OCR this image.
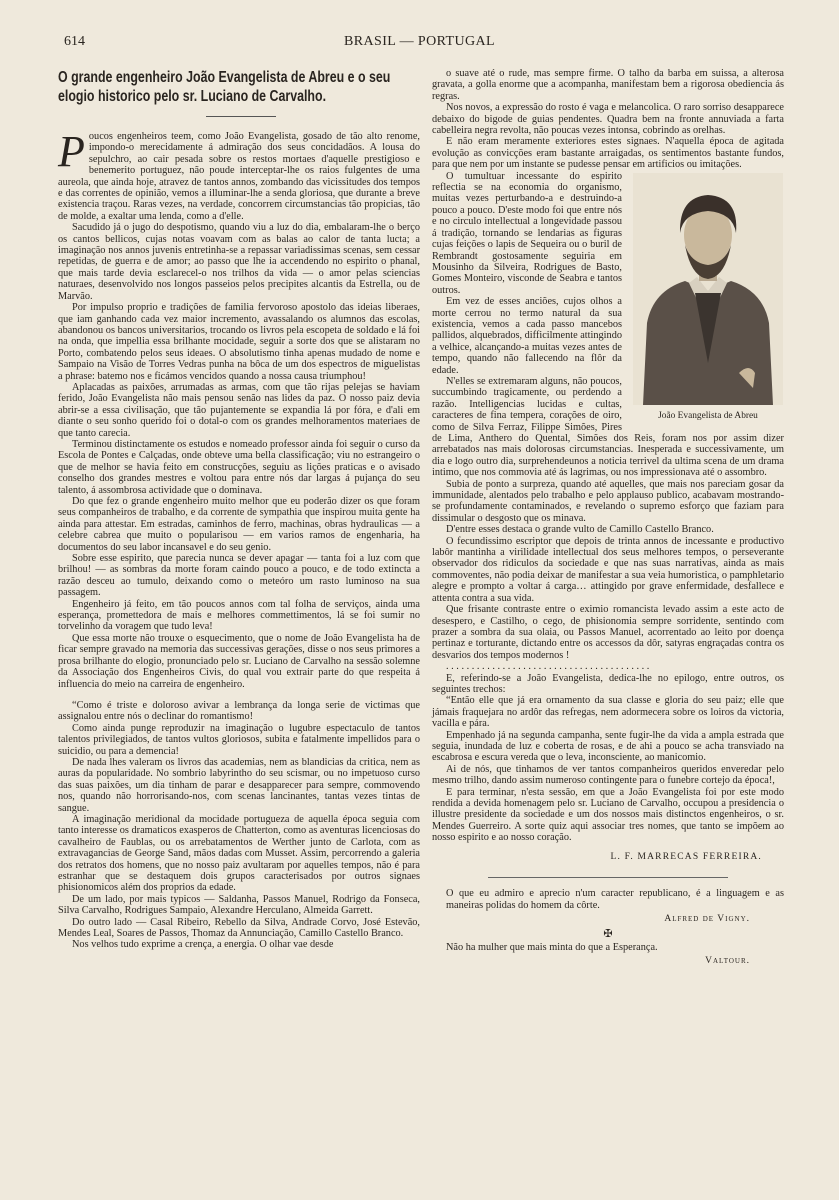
614	BRASIL — PORTUGAL
O grande engenheiro João Evangelista de Abreu e o seu elogio historico pelo sr. Luciano de Carvalho.

Poucos engenheiros teem, como João Evangelista, gosado de tão alto renome, impondo-o merecidamente á admiração dos seus concidadãos. A lousa do sepulchro, ao cair pesada sobre os restos mortaes d'aquelle prestigioso e benemerito portuguez, não poude interceptar-lhe os raios fulgentes de uma aureola, que ainda hoje, atravez de tantos annos, zombando das vicissitudes dos tempos e das correntes de opinião, vemos a illuminar-lhe a senda gloriosa, que durante a breve existencia traçou. Raras vezes, na verdade, concorrem circumstancias tão propicias, tão de molde, a exaltar uma lenda, como a d'elle.

Sacudido já o jugo do despotismo, quando viu a luz do dia, embalaram-lhe o berço os cantos bellicos, cujas notas voavam com as balas ao calor de tanta lucta; a imaginação nos annos juvenis entretinha-se a repassar variadissimas scenas, sem cessar repetidas, de guerra e de amor; ao passo que lhe ia accendendo no espirito o phanal, que mais tarde devia esclarecel-o nos trilhos da vida — o amor pelas sciencias naturaes, desenvolvido nos longos passeios pelos precipites alcantis da Estrella, ou de Marvão.

Por impulso proprio e tradições de familia fervoroso apostolo das ideias liberaes, que iam ganhando cada vez maior incremento, avassalando os alumnos das escolas, abandonou os bancos universitarios, trocando os livros pela escopeta de soldado e lá foi na onda, que impellia essa brilhante mocidade, seguir a sorte dos que se alistaram no Porto, combatendo pelos seus ideaes. O absolutismo tinha apenas mudado de nome e Sampaio na Visão de Torres Vedras punha na bôca de um dos espectros de miguelistas a phrase: batemo nos e ficámos vencidos quando a nossa causa triumphou!

Aplacadas as paixões, arrumadas as armas, com que tão rijas pelejas se haviam ferido, João Evangelista não mais pensou senão nas lides da paz. O nosso paiz devia abrir-se a essa civilisação, que tão pujantemente se expandia lá por fóra, e d'ali em diante o seu sonho querido foi o dotal-o com os grandes melhoramentos materiaes de que tanto carecia.

Terminou distinctamente os estudos e nomeado professor ainda foi seguir o curso da Escola de Pontes e Calçadas, onde obteve uma bella classificação; viu no estrangeiro o que de melhor se havia feito em construcções, seguiu as lições praticas e o avisado conselho dos grandes mestres e voltou para entre nós dar largas á pujança do seu talento, á assombrosa actividade que o dominava.

Do que fez o grande engenheiro muito melhor que eu poderão dizer os que foram seus companheiros de trabalho, e da corrente de sympathia que inspirou muita gente ha ainda para attestar. Em estradas, caminhos de ferro, machinas, obras hydraulicas — a celebre cabrea que muito o popularisou — em varios ramos de engenharia, ha documentos do seu labor incansavel e do seu genio.

Sobre esse espirito, que parecia nunca se dever apagar — tanta foi a luz com que brilhou! — as sombras da morte foram caindo pouco a pouco, e de todo extincta a razão desceu ao tumulo, deixando como o meteóro um rasto luminoso na sua passagem.

Engenheiro já feito, em tão poucos annos com tal folha de serviços, ainda uma esperança, promettedora de mais e melhores commettimentos, lá se foi sumir no torvelinho da voragem que tudo leva!

Que essa morte não trouxe o esquecimento, que o nome de João Evangelista ha de ficar sempre gravado na memoria das successivas gerações, disse o nos seus primores a prosa brilhante do elogio, pronunciado pelo sr. Luciano de Carvalho na sessão solemne da Associação dos Engenheiros Civis, do qual vou extrair parte do que respeita á influencia do meio na carreira de engenheiro.

“Como é triste e doloroso avivar a lembrança da longa serie de victimas que assignalou entre nós o declinar do romantismo!

Como ainda punge reproduzir na imaginação o lugubre espectaculo de tantos talentos privilegiados, de tantos vultos gloriosos, subita e fatalmente impellidos para o suicidio, ou para a demencia!

De nada lhes valeram os livros das academias, nem as blandicias da critica, nem as auras da popularidade. No sombrio labyrintho do seu scismar, ou no impetuoso curso das suas paixões, um dia tinham de parar e desapparecer para sempre, commovendo nos, quando não horrorisando-nos, com scenas lancinantes, tantas vezes tintas de sangue.

A imaginação meridional da mocidade portugueza de aquella época seguia com tanto interesse os dramaticos exasperos de Chatterton, como as aventuras licenciosas do cavalheiro de Faublas, ou os arrebatamentos de Werther junto de Carlota, com as extravagancias de George Sand, mãos dadas com Musset. Assim, percorrendo a galeria dos retratos dos homens, que no nosso paiz avultaram por aquelles tempos, não é para estranhar que se destaquem dois grupos caracterisados por outros signaes phisionomicos além dos proprios da edade.

De um lado, por mais typicos — Saldanha, Passos Manuel, Rodrigo da Fonseca, Silva Carvalho, Rodrigues Sampaio, Alexandre Herculano, Almeida Garrett.

Do outro lado — Casal Ribeiro, Rebello da Silva, Andrade Corvo, José Estevão, Mendes Leal, Soares de Passos, Thomaz da Annunciação, Camillo Castello Branco.

Nos velhos tudo exprime a crença, a energia. O olhar vae desde

o suave até o rude, mas sempre firme. O talho da barba em suissa, a alterosa gravata, a golla enorme que a acompanha, manifestam bem a rigorosa obediencia ás regras.

Nos novos, a expressão do rosto é vaga e melancolica. O raro sorriso desapparece debaixo do bigode de guias pendentes. Quadra bem na fronte annuviada a farta cabelleira negra revolta, não poucas vezes intonsa, cobrindo as orelhas.

E não eram meramente exteriores estes signaes. N'aquella época de agitada evolução as convicções eram bastante arraigadas, os sentimentos bastante fundos, para que nem por um instante se pudesse pensar em artificios ou imitações.

João Evangelista de Abreu

O tumultuar incessante do espirito reflectia se na economia do organismo, muitas vezes perturbando-a e destruindo-a pouco a pouco. D'este modo foi que entre nós e no circulo intellectual a longevidade passou á tradição, tornando se lendarias as figuras cujas feições o lapis de Sequeira ou o buril de Rembrandt gostosamente seguiria em Mousinho da Silveira, Rodrigues de Basto, Gomes Monteiro, visconde de Seabra e tantos outros.

Em vez de esses anciões, cujos olhos a morte cerrou no termo natural da sua existencia, vemos a cada passo mancebos pallidos, alquebrados, difficilmente attingindo a velhice, alcançando-a muitas vezes antes de tempo, quando não fallecendo na flôr da edade.

N'elles se extremaram alguns, não poucos, succumbindo tragicamente, ou perdendo a razão. Intelligencias lucidas e cultas, caracteres de fina tempera, corações de oiro, como de Silva Ferraz, Filippe Simões, Pires de Lima, Anthero do Quental, Simões dos Reis, foram nos por assim dizer arrebatados nas mais dolorosas circumstancias. Inesperada e successivamente, um dia e logo outro dia, surprehendeunos a noticia terrivel da ultima scena de um drama intimo, que nos commovia até ás lagrimas, ou nos impressionava até o assombro.

Subia de ponto a surpreza, quando até aquelles, que mais nos pareciam gosar da immunidade, alentados pelo trabalho e pelo applauso publico, acabavam mostrando-se profundamente contaminados, e revelando o supremo esforço que faziam para dissimular o desgosto que os minava.

D'entre esses destaca o grande vulto de Camillo Castello Branco.

O fecundissimo escriptor que depois de trinta annos de incessante e productivo labôr mantinha a virilidade intellectual dos seus melhores tempos, o perseverante observador dos ridiculos da sociedade e que nas suas narrativas, ainda as mais commoventes, não podia deixar de manifestar a sua veia humoristica, o pamphletario alegre e prompto a voltar á carga… attingido por grave enfermidade, desfallece e attenta contra a sua vida.

Que frisante contraste entre o eximio romancista levado assim a este acto de desespero, e Castilho, o cego, de phisionomia sempre sorridente, sentindo com prazer a sombra da sua olaia, ou Passos Manuel, acorrentado ao leito por doença pertinaz e torturante, dictando entre os accessos da dôr, satyras engraçadas contra os desvarios dos tempos modernos !

. . . . . . . . . . . . . . . . . . . . . . . . . . . . . . . . . . . . . . . .

E, referindo-se a João Evangelista, dedica-lhe no epilogo, entre outros, os seguintes trechos:

“Então elle que já era ornamento da sua classe e gloria do seu paiz; elle que jámais fraquejara no ardôr das refregas, nem adormecera sobre os loiros da victoria, vacilla e pára.

Empenhado já na segunda campanha, sente fugir-lhe da vida a ampla estrada que seguia, inundada de luz e coberta de rosas, e de ahi a pouco se acha transviado na escabrosa e escura vereda que o leva, inconsciente, ao manicomio.

Ai de nós, que tinhamos de ver tantos companheiros queridos enveredar pelo mesmo trilho, dando assim numeroso contingente para o funebre cortejo da época!,

E para terminar, n'esta sessão, em que a João Evangelista foi por este modo rendida a devida homenagem pelo sr. Luciano de Carvalho, occupou a presidencia o illustre presidente da sociedade e um dos nossos mais distinctos engenheiros, o sr. Mendes Guerreiro. A sorte quiz aqui associar tres nomes, que tanto se impõem ao nosso espirito e ao nosso coração.

L. F. MARRECAS FERREIRA.

O que eu admiro e aprecio n'um caracter republicano, é a linguagem e as maneiras polidas do homem da côrte.

Alfred de Vigny.

✠

Não ha mulher que mais minta do que a Esperança.

Valtour.
